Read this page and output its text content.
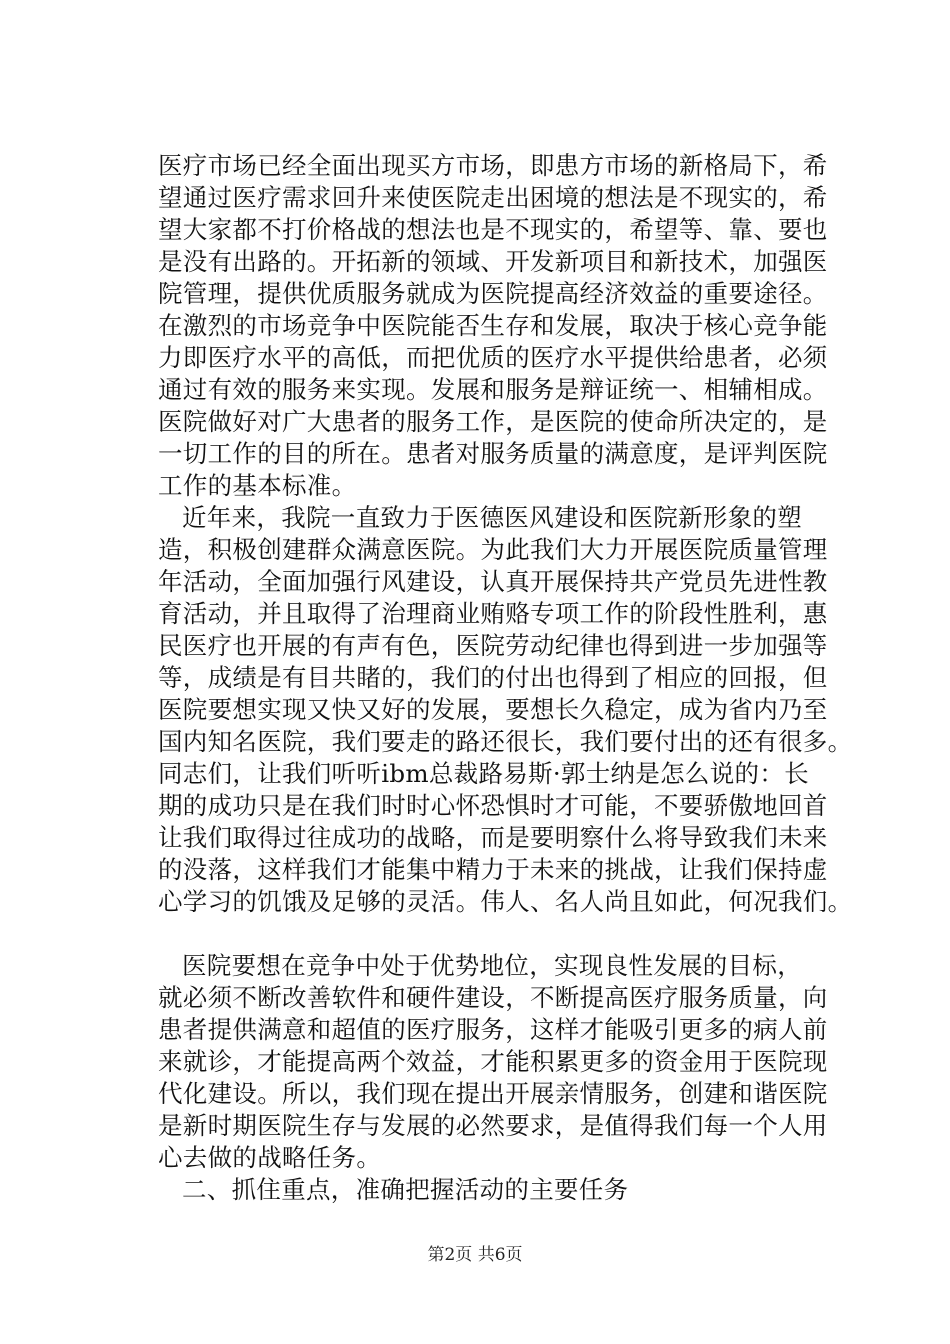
医疗市场已经全面出现买方市场，即患方市场的新格局下，希
望通过医疗需求回升来使医院走出困境的想法是不现实的，希
望大家都不打价格战的想法也是不现实的，希望等、靠、要也
是没有出路的。开拓新的领域、开发新项目和新技术，加强医
院管理，提供优质服务就成为医院提高经济效益的重要途径。
在激烈的市场竞争中医院能否生存和发展，取决于核心竞争能
力即医疗水平的高低，而把优质的医疗水平提供给患者，必须
通过有效的服务来实现。发展和服务是辩证统一、相辅相成。
医院做好对广大患者的服务工作，是医院的使命所决定的，是
一切工作的目的所在。患者对服务质量的满意度，是评判医院
工作的基本标准。
近年来，我院一直致力于医德医风建设和医院新形象的塑
造，积极创建群众满意医院。为此我们大力开展医院质量管理
年活动，全面加强行风建设，认真开展保持共产党员先进性教
育活动，并且取得了治理商业贿赂专项工作的阶段性胜利，惠
民医疗也开展的有声有色，医院劳动纪律也得到进一步加强等
等，成绩是有目共睹的，我们的付出也得到了相应的回报，但
医院要想实现又快又好的发展，要想长久稳定，成为省内乃至
国内知名医院，我们要走的路还很长，我们要付出的还有很多。
同志们，让我们听听ibm总裁路易斯·郭士纳是怎么说的：长
期的成功只是在我们时时心怀恐惧时才可能，不要骄傲地回首
让我们取得过往成功的战略，而是要明察什么将导致我们未来
的没落，这样我们才能集中精力于未来的挑战，让我们保持虚
心学习的饥饿及足够的灵活。伟人、名人尚且如此，何况我们。
医院要想在竞争中处于优势地位，实现良性发展的目标，
就必须不断改善软件和硬件建设，不断提高医疗服务质量，向
患者提供满意和超值的医疗服务，这样才能吸引更多的病人前
来就诊，才能提高两个效益，才能积累更多的资金用于医院现
代化建设。所以，我们现在提出开展亲情服务，创建和谐医院
是新时期医院生存与发展的必然要求，是值得我们每一个人用
心去做的战略任务。
二、抓住重点，准确把握活动的主要任务
第2页 共6页
